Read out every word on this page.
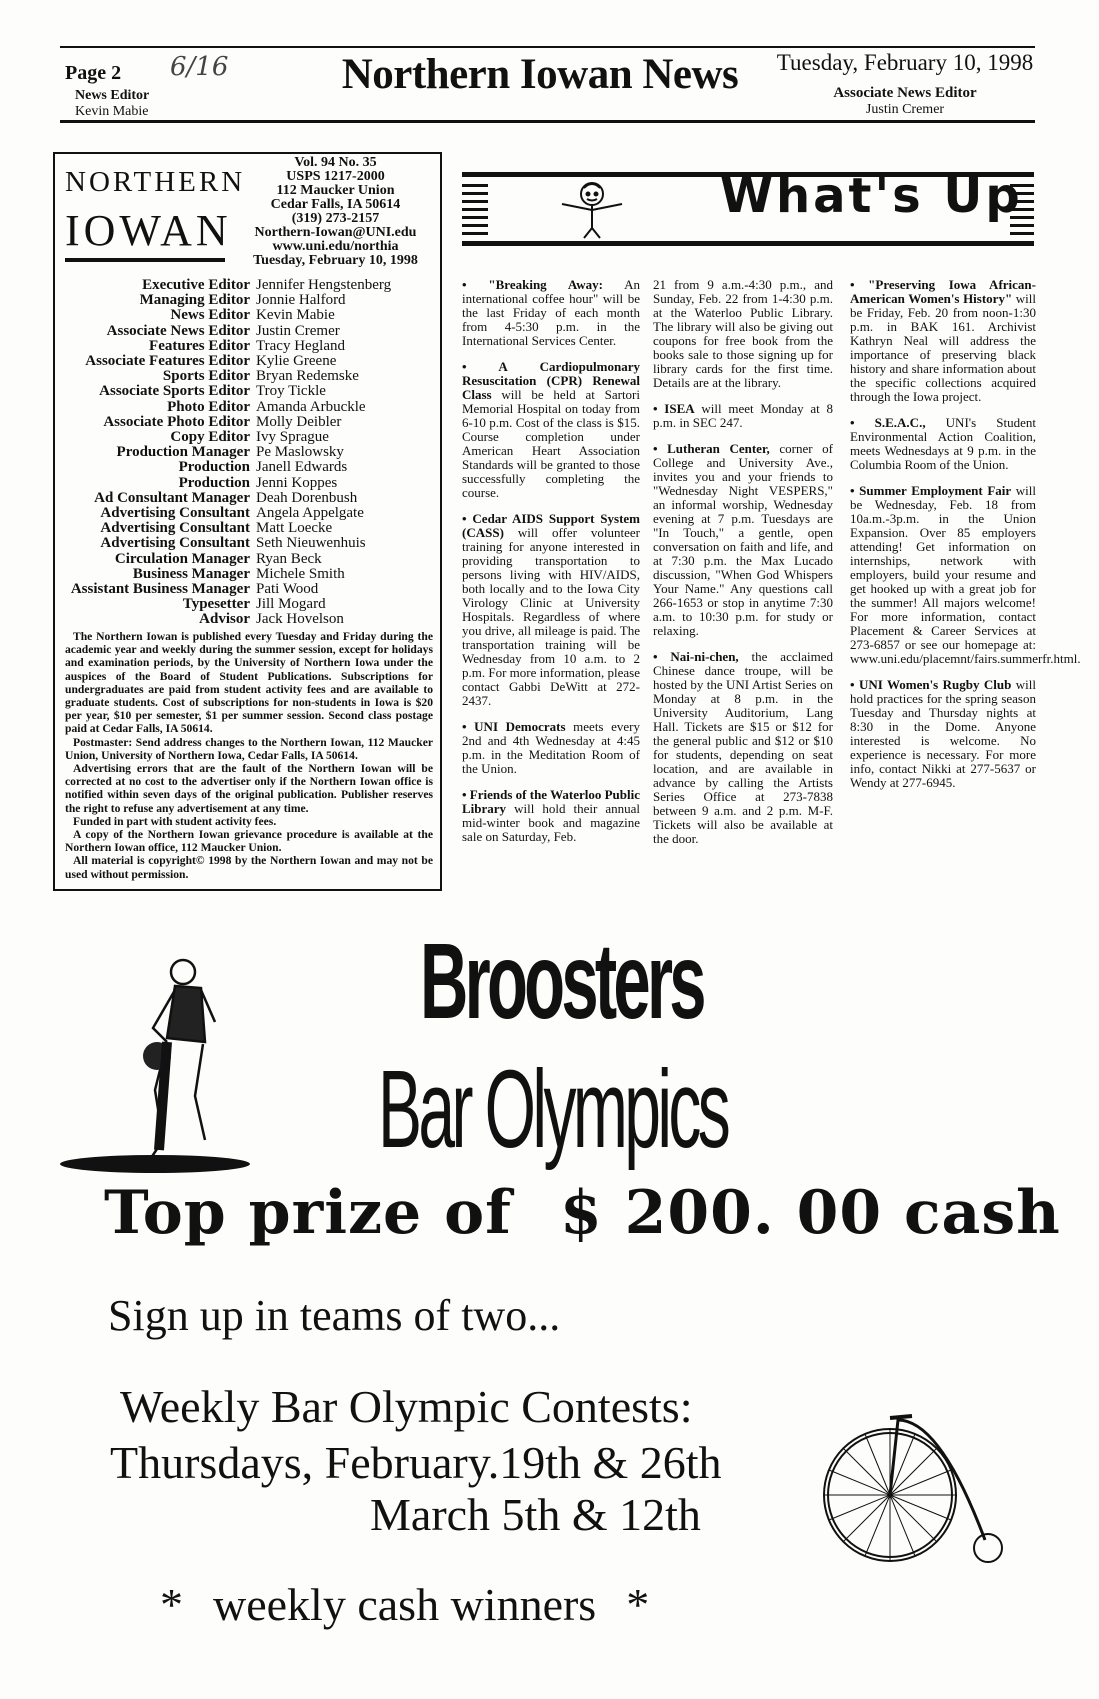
Page 2 6/16
News Editor
Kevin Mabie
Northern Iowan News	Tuesday, February 10, 1998
Associate News Editor
Justin Cremer
NORTHERN
IOWAN
Vol. 94 No. 35
USPS 1217-2000
112 Maucker Union
Cedar Falls, IA 50614
(319) 273-2157
Northern-Iowan@UNI.edu
www.uni.edu/northia
Tuesday, February 10, 1998
Executive Editor Jennifer Hengstenberg
Managing Editor Jonnie Halford
News Editor Kevin Mabie
Associate News Editor Justin Cremer
Features Editor Tracy Hegland
Associate Features Editor Kylie Greene
Sports Editor Bryan Redemske
Associate Sports Editor Troy Tickle
Photo Editor Amanda Arbuckle
Associate Photo Editor Molly Deibler
Copy Editor Ivy Sprague
Production Manager Pe Maslowsky
Production Janell Edwards
Production Jenni Koppes
Ad Consultant Manager Deah Dorenbush
Advertising Consultant Angela Appelgate
Advertising Consultant Matt Loecke
Advertising Consultant Seth Nieuwenhuis
Circulation Manager Ryan Beck
Business Manager Michele Smith
Assistant Business Manager Pati Wood
Typesetter Jill Mogard
Advisor Jack Hovelson

The Northern Iowan is published every Tuesday and Friday during the academic year and weekly during the summer session, except for holidays and examination periods, by the University of Northern Iowa under the auspices of the Board of Student Publications. Subscriptions for undergraduates are paid from student activity fees and are available to graduate students. Cost of subscriptions for non-students in Iowa is $20 per year, $10 per semester, $1 per summer session. Second class postage paid at Cedar Falls, IA 50614.

Postmaster: Send address changes to the Northern Iowan, 112 Maucker Union, University of Northern Iowa, Cedar Falls, IA 50614.

Advertising errors that are the fault of the Northern Iowan will be corrected at no cost to the advertiser only if the Northern Iowan office is notified within seven days of the original publication. Publisher reserves the right to refuse any advertisement at any time.

Funded in part with student activity fees.

A copy of the Northern Iowan grievance procedure is available at the Northern Iowan office, 112 Maucker Union.

All material is copyright© 1998 by the Northern Iowan and may not be used without permission.

What's Up

• "Breaking Away: An international coffee hour" will be the last Friday of each month from 4-5:30 p.m. in the International Services Center.

• A Cardiopulmonary Resuscitation (CPR) Renewal Class will be held at Sartori Memorial Hospital on today from 6-10 p.m. Cost of the class is $15. Course completion under American Heart Association Standards will be granted to those successfully completing the course.

• Cedar AIDS Support System (CASS) will offer volunteer training for anyone interested in providing transportation to persons living with HIV/AIDS, both locally and to the Iowa City Virology Clinic at University Hospitals. Regardless of where you drive, all mileage is paid. The transportation training will be Wednesday from 10 a.m. to 2 p.m. For more information, please contact Gabbi DeWitt at 272-2437.

• UNI Democrats meets every 2nd and 4th Wednesday at 4:45 p.m. in the Meditation Room of the Union.

• Friends of the Waterloo Public Library will hold their annual mid-winter book and magazine sale on Saturday, Feb.

21 from 9 a.m.-4:30 p.m., and Sunday, Feb. 22 from 1-4:30 p.m. at the Waterloo Public Library. The library will also be giving out coupons for free book from the books sale to those signing up for library cards for the first time. Details are at the library.

• ISEA will meet Monday at 8 p.m. in SEC 247.

• Lutheran Center, corner of College and University Ave., invites you and your friends to "Wednesday Night VESPERS," an informal worship, Wednesday evening at 7 p.m. Tuesdays are "In Touch," a gentle, open conversation on faith and life, and at 7:30 p.m. the Max Lucado discussion, "When God Whispers Your Name." Any questions call 266-1653 or stop in anytime 7:30 a.m. to 10:30 p.m. for study or relaxing.

• Nai-ni-chen, the acclaimed Chinese dance troupe, will be hosted by the UNI Artist Series on Monday at 8 p.m. in the University Auditorium, Lang Hall. Tickets are $15 or $12 for the general public and $12 or $10 for students, depending on seat location, and are available in advance by calling the Artists Series Office at 273-7838 between 9 a.m. and 2 p.m. M-F. Tickets will also be available at the door.

• "Preserving Iowa African-American Women's History" will be Friday, Feb. 20 from noon-1:30 p.m. in BAK 161. Archivist Kathryn Neal will address the importance of preserving black history and share information about the specific collections acquired through the Iowa project.

• S.E.A.C., UNI's Student Environmental Action Coalition, meets Wednesdays at 9 p.m. in the Columbia Room of the Union.

• Summer Employment Fair will be Wednesday, Feb. 18 from 10a.m.-3p.m. in the Union Expansion. Over 85 employers attending! Get information on internships, network with employers, build your resume and get hooked up with a great job for the summer! All majors welcome! For more information, contact Placement & Career Services at 273-6857 or see our homepage at: www.uni.edu/placemnt/fairs.summerfr.html.

• UNI Women's Rugby Club will hold practices for the spring season Tuesday and Thursday nights at 8:30 in the Dome. Anyone interested is welcome. No experience is necessary. For more info, contact Nikki at 277-5637 or Wendy at 277-6945.

Broosters
Bar Olympics
Top prize of $ 200. 00 cash
Sign up in teams of two...
Weekly Bar Olympic Contests:
Thursdays, February.19th & 26th
March 5th & 12th
* weekly cash winners *
